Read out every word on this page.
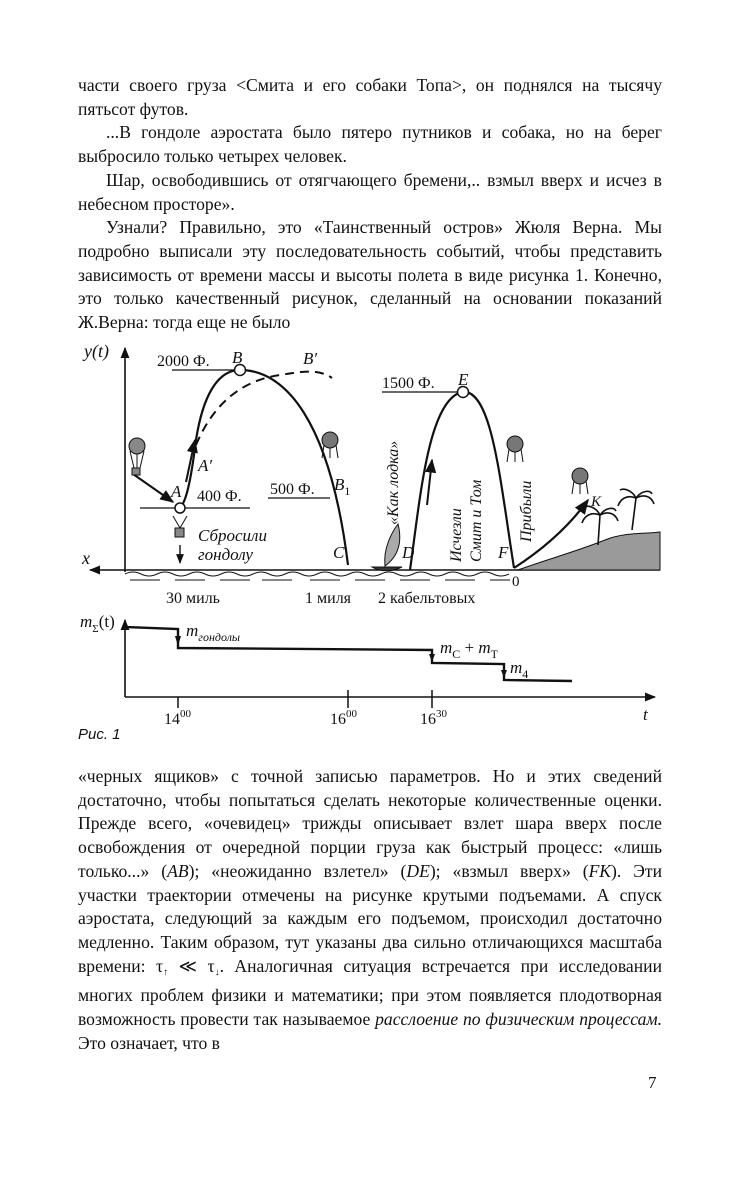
части своего груза <Смита и его собаки Топа>, он поднялся на тысячу пятьсот футов.

...В гондоле аэростата было пятеро путников и собака, но на берег выбросило только четырех человек.

Шар, освободившись от отягчающего бремени,.. взмыл вверх и исчез в небесном просторе».

Узнали? Правильно, это «Таинственный остров» Жюля Верна. Мы подробно выписали эту последовательность событий, чтобы представить зависимость от времени массы и высоты полета в виде рисунка 1. Конечно, это только качественный рисунок, сделанный на основании показаний Ж.Верна: тогда еще не было

y(t)
x
2000 Ф.
400 Ф. 500 Ф.
1500 Ф.
B	B′
A
A′
$B_1$
C	D
E
F
K
0
Сбросили
гондолу
«Как лодка»
Исчезли Смит и Том Прибыли
30 миль	1 миля 2 кабельтовых
$m_\Sigma(t)$
t
$m_{гондолы}$
$m_С + m_Т$
$m_4$
$14^{00}$	$16^{00}$	$16^{30}$
Рис. 1

«черных ящиков» с точной записью параметров. Но и этих сведений достаточно, чтобы попытаться сделать некоторые количественные оценки. Прежде всего, «очевидец» трижды описывает взлет шара вверх после освобождения от очередной порции груза как быстрый процесс: «лишь только...» (AB); «неожиданно взлетел» (DE); «взмыл вверх» (FK). Эти участки траектории отмечены на рисунке крутыми подъемами. А спуск аэростата, следующий за каждым его подъемом, происходил достаточно медленно. Таким образом, тут указаны два сильно отличающихся масштаба времени: τ↑ ≪ τ↓. Аналогичная ситуация встречается при исследовании многих проблем физики и математики; при этом появляется плодотворная возможность провести так называемое расслоение по физическим процессам. Это означает, что в

7
